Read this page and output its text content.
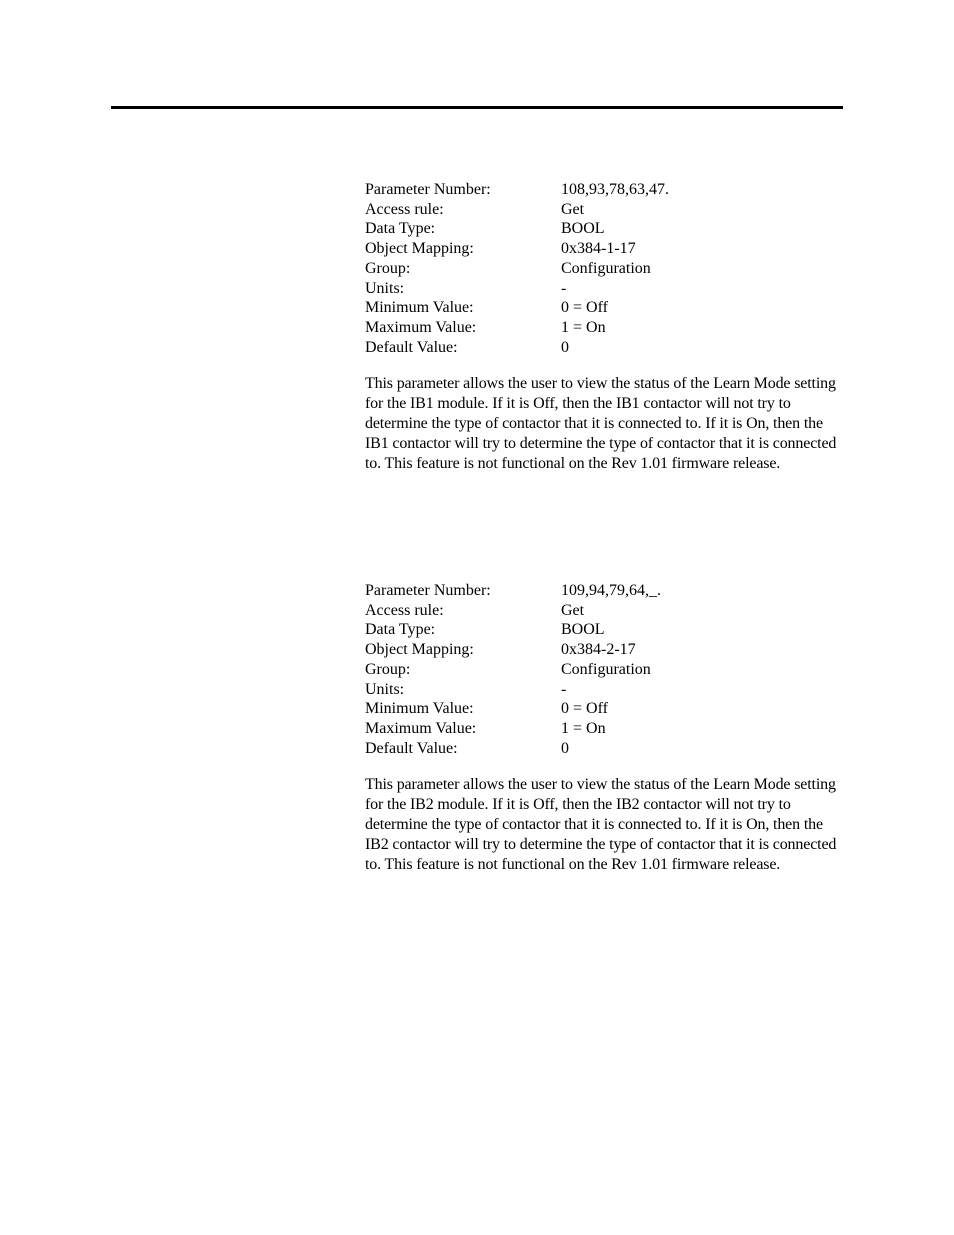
Parameter Number:	108,93,78,63,47.
Access rule:	Get
Data Type:	BOOL
Object Mapping:	0x384-1-17
Group:	Configuration
Units:	-
Minimum Value:	0 = Off
Maximum Value:	1 = On
Default Value:	0
This parameter allows the user to view the status of the Learn Mode setting for the IB1 module. If it is Off, then the IB1 contactor will not try to determine the type of contactor that it is connected to. If it is On, then the IB1 contactor will try to determine the type of contactor that it is connected to. This feature is not functional on the Rev 1.01 firmware release.
Parameter Number:	109,94,79,64,_.
Access rule:	Get
Data Type:	BOOL
Object Mapping:	0x384-2-17
Group:	Configuration
Units:	-
Minimum Value:	0 = Off
Maximum Value:	1 = On
Default Value:	0
This parameter allows the user to view the status of the Learn Mode setting for the IB2 module. If it is Off, then the IB2 contactor will not try to determine the type of contactor that it is connected to. If it is On, then the IB2 contactor will try to determine the type of contactor that it is connected to. This feature is not functional on the Rev 1.01 firmware release.
